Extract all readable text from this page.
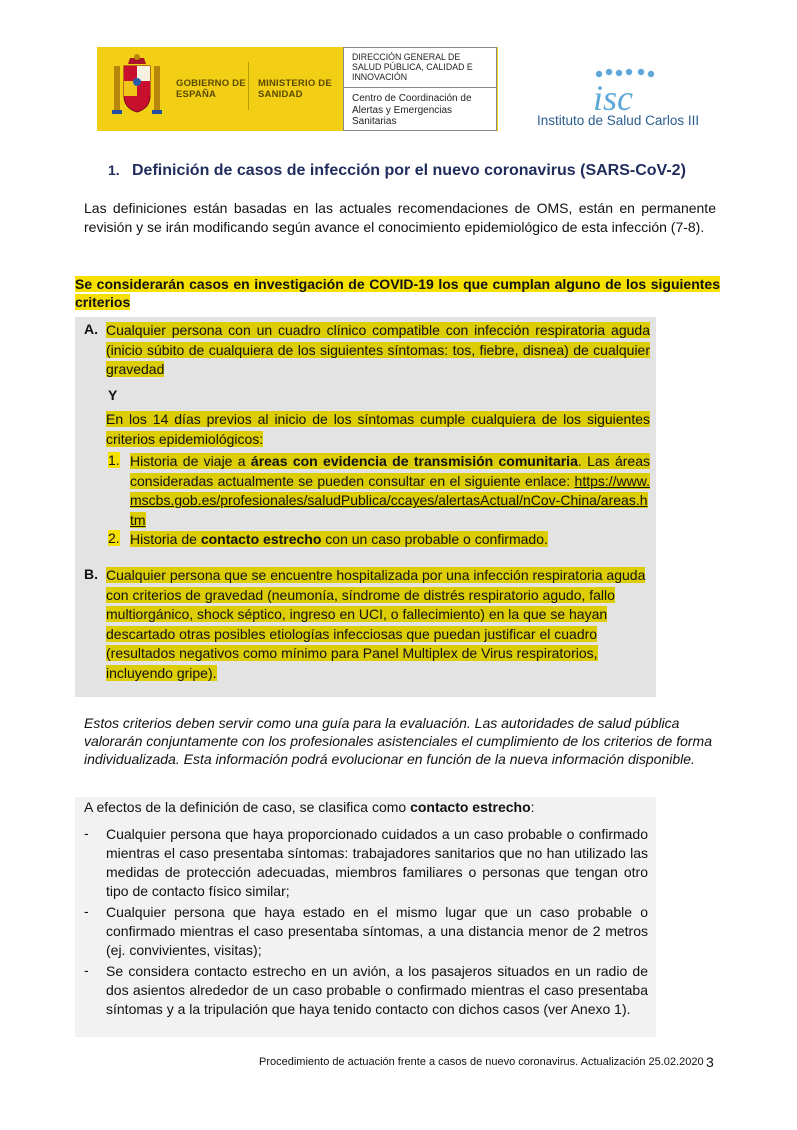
GOBIERNO DE ESPAÑA
MINISTERIO DE SANIDAD
DIRECCIÓN GENERAL DE SALUD PÚBLICA, CALIDAD E INNOVACIÓN
Centro de Coordinación de Alertas y Emergencias Sanitarias
isc
Instituto de Salud Carlos III
1. Definición de casos de infección por el nuevo coronavirus (SARS-CoV-2)
Las definiciones están basadas en las actuales recomendaciones de OMS, están en permanente revisión y se irán modificando según avance el conocimiento epidemiológico de esta infección (7-8).
Se considerarán casos en investigación de COVID-19 los que cumplan alguno de los siguientes criterios
A. Cualquier persona con un cuadro clínico compatible con infección respiratoria aguda (inicio súbito de cualquiera de los siguientes síntomas: tos, fiebre, disnea) de cualquier gravedad
Y
En los 14 días previos al inicio de los síntomas cumple cualquiera de los siguientes criterios epidemiológicos:
1. Historia de viaje a áreas con evidencia de transmisión comunitaria. Las áreas consideradas actualmente se pueden consultar en el siguiente enlace: https://www.mscbs.gob.es/profesionales/saludPublica/ccayes/alertasActual/nCov-China/areas.htm
2. Historia de contacto estrecho con un caso probable o confirmado.
B. Cualquier persona que se encuentre hospitalizada por una infección respiratoria aguda con criterios de gravedad (neumonía, síndrome de distrés respiratorio agudo, fallo multiorgánico, shock séptico, ingreso en UCI, o fallecimiento) en la que se hayan descartado otras posibles etiologías infecciosas que puedan justificar el cuadro (resultados negativos como mínimo para Panel Multiplex de Virus respiratorios, incluyendo gripe).
Estos criterios deben servir como una guía para la evaluación. Las autoridades de salud pública valorarán conjuntamente con los profesionales asistenciales el cumplimiento de los criterios de forma individualizada. Esta información podrá evolucionar en función de la nueva información disponible.
A efectos de la definición de caso, se clasifica como contacto estrecho:
- Cualquier persona que haya proporcionado cuidados a un caso probable o confirmado mientras el caso presentaba síntomas: trabajadores sanitarios que no han utilizado las medidas de protección adecuadas, miembros familiares o personas que tengan otro tipo de contacto físico similar;
- Cualquier persona que haya estado en el mismo lugar que un caso probable o confirmado mientras el caso presentaba síntomas, a una distancia menor de 2 metros (ej. convivientes, visitas);
- Se considera contacto estrecho en un avión, a los pasajeros situados en un radio de dos asientos alrededor de un caso probable o confirmado mientras el caso presentaba síntomas y a la tripulación que haya tenido contacto con dichos casos (ver Anexo 1).
Procedimiento de actuación frente a casos de nuevo coronavirus. Actualización 25.02.2020 3
